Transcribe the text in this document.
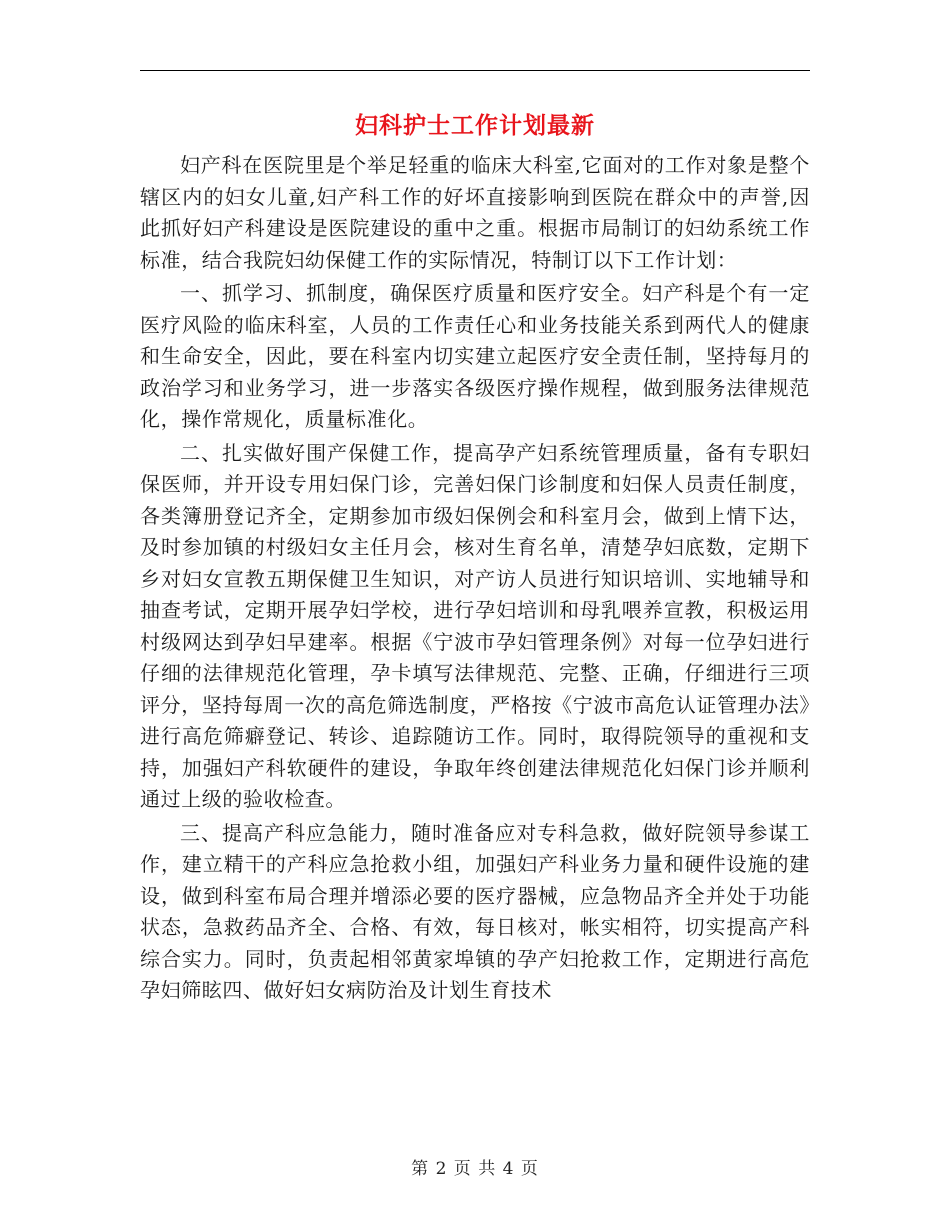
妇科护士工作计划最新

妇产科在医院里是个举足轻重的临床大科室,它面对的工作对象是整个辖区内的妇女儿童,妇产科工作的好坏直接影响到医院在群众中的声誉,因此抓好妇产科建设是医院建设的重中之重。根据市局制订的妇幼系统工作标准，结合我院妇幼保健工作的实际情况，特制订以下工作计划：

一、抓学习、抓制度，确保医疗质量和医疗安全。妇产科是个有一定医疗风险的临床科室，人员的工作责任心和业务技能关系到两代人的健康和生命安全，因此，要在科室内切实建立起医疗安全责任制，坚持每月的政治学习和业务学习，进一步落实各级医疗操作规程，做到服务法律规范化，操作常规化，质量标准化。

二、扎实做好围产保健工作，提高孕产妇系统管理质量，备有专职妇保医师，并开设专用妇保门诊，完善妇保门诊制度和妇保人员责任制度，各类簿册登记齐全，定期参加市级妇保例会和科室月会，做到上情下达，及时参加镇的村级妇女主任月会，核对生育名单，清楚孕妇底数，定期下乡对妇女宣教五期保健卫生知识，对产访人员进行知识培训、实地辅导和抽查考试，定期开展孕妇学校，进行孕妇培训和母乳喂养宣教，积极运用村级网达到孕妇早建率。根据《宁波市孕妇管理条例》对每一位孕妇进行仔细的法律规范化管理，孕卡填写法律规范、完整、正确，仔细进行三项评分，坚持每周一次的高危筛选制度，严格按《宁波市高危认证管理办法》进行高危筛癖登记、转诊、追踪随访工作。同时，取得院领导的重视和支持，加强妇产科软硬件的建设，争取年终创建法律规范化妇保门诊并顺利通过上级的验收检查。

三、提高产科应急能力，随时准备应对专科急救，做好院领导参谋工作，建立精干的产科应急抢救小组，加强妇产科业务力量和硬件设施的建设，做到科室布局合理并增添必要的医疗器械，应急物品齐全并处于功能状态，急救药品齐全、合格、有效，每日核对，帐实相符，切实提高产科综合实力。同时，负责起相邻黄家埠镇的孕产妇抢救工作，定期进行高危孕妇筛眩四、做好妇女病防治及计划生育技术

第 2 页 共 4 页
